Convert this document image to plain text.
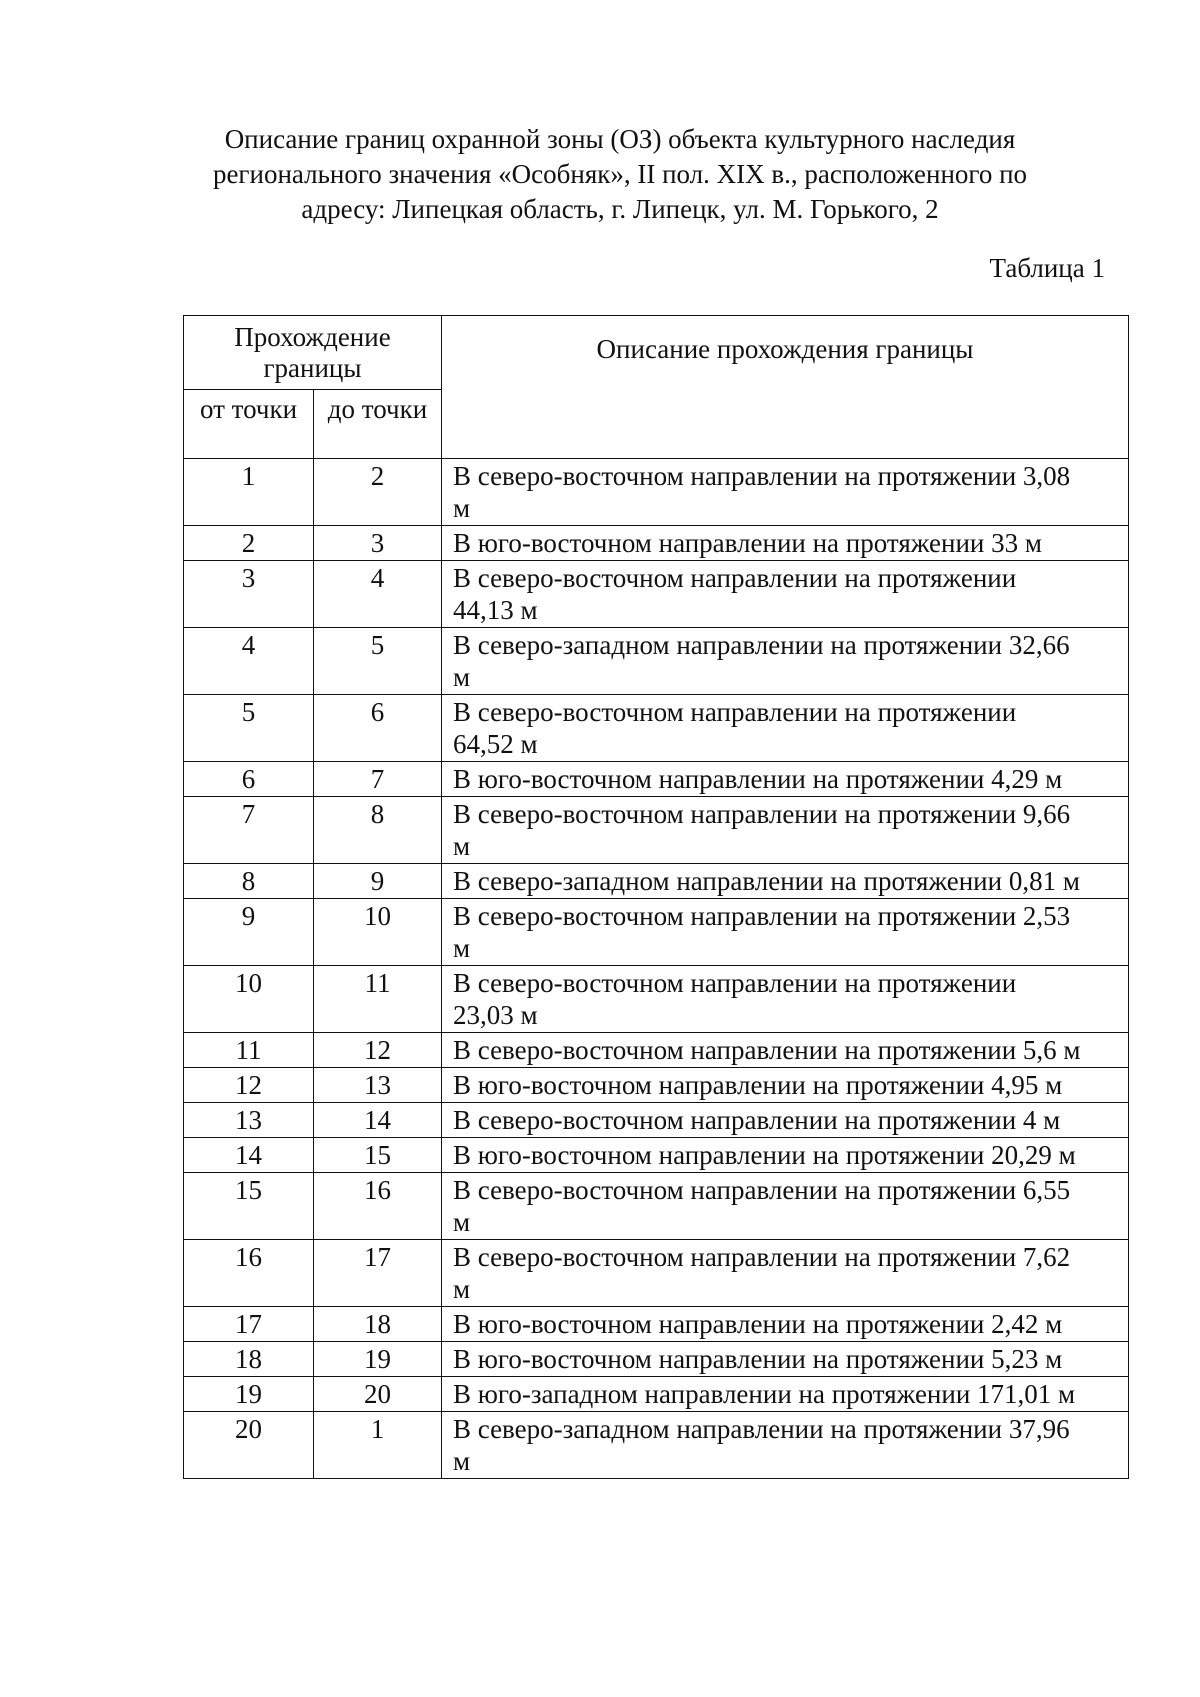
Описание границ охранной зоны (ОЗ) объекта культурного наследия
регионального значения «Особняк», II пол. XIX в., расположенного по
адресу: Липецкая область, г. Липецк, ул. М. Горького, 2
Таблица 1
Прохождение границы		Описание прохождения границы
от точки	до точки	
1	2	В северо-восточном направлении на протяжении 3,08
м
2	3	В юго-восточном направлении на протяжении 33 м
3	4	В северо-восточном направлении на протяжении
44,13 м
4	5	В северо-западном направлении на протяжении 32,66
м
5	6	В северо-восточном направлении на протяжении
64,52 м
6	7	В юго-восточном направлении на протяжении 4,29 м
7	8	В северо-восточном направлении на протяжении 9,66
м
8	9	В северо-западном направлении на протяжении 0,81 м
9	10	В северо-восточном направлении на протяжении 2,53
м
10	11	В северо-восточном направлении на протяжении
23,03 м
11	12	В северо-восточном направлении на протяжении 5,6 м
12	13	В юго-восточном направлении на протяжении 4,95 м
13	14	В северо-восточном направлении на протяжении 4 м
14	15	В юго-восточном направлении на протяжении 20,29 м
15	16	В северо-восточном направлении на протяжении 6,55
м
16	17	В северо-восточном направлении на протяжении 7,62
м
17	18	В юго-восточном направлении на протяжении 2,42 м
18	19	В юго-восточном направлении на протяжении 5,23 м
19	20	В юго-западном направлении на протяжении 171,01 м
20	1	В северо-западном направлении на протяжении 37,96
м
